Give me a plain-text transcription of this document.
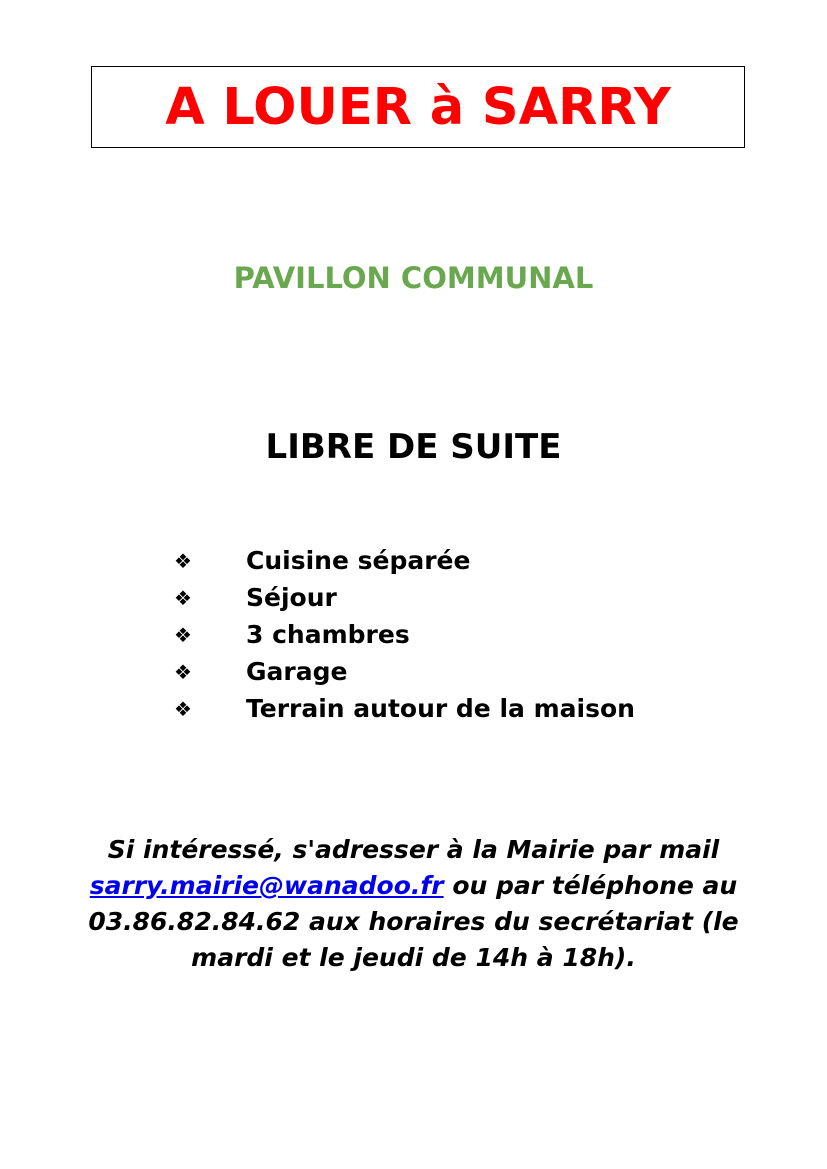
A LOUER à SARRY
PAVILLON COMMUNAL
LIBRE DE SUITE
❖	Cuisine séparée
❖	Séjour
❖	3 chambres
❖	Garage
❖	Terrain autour de la maison
Si intéressé, s'adresser à la Mairie par mail
sarry.mairie@wanadoo.fr ou par téléphone au
03.86.82.84.62 aux horaires du secrétariat (le
mardi et le jeudi de 14h à 18h).
